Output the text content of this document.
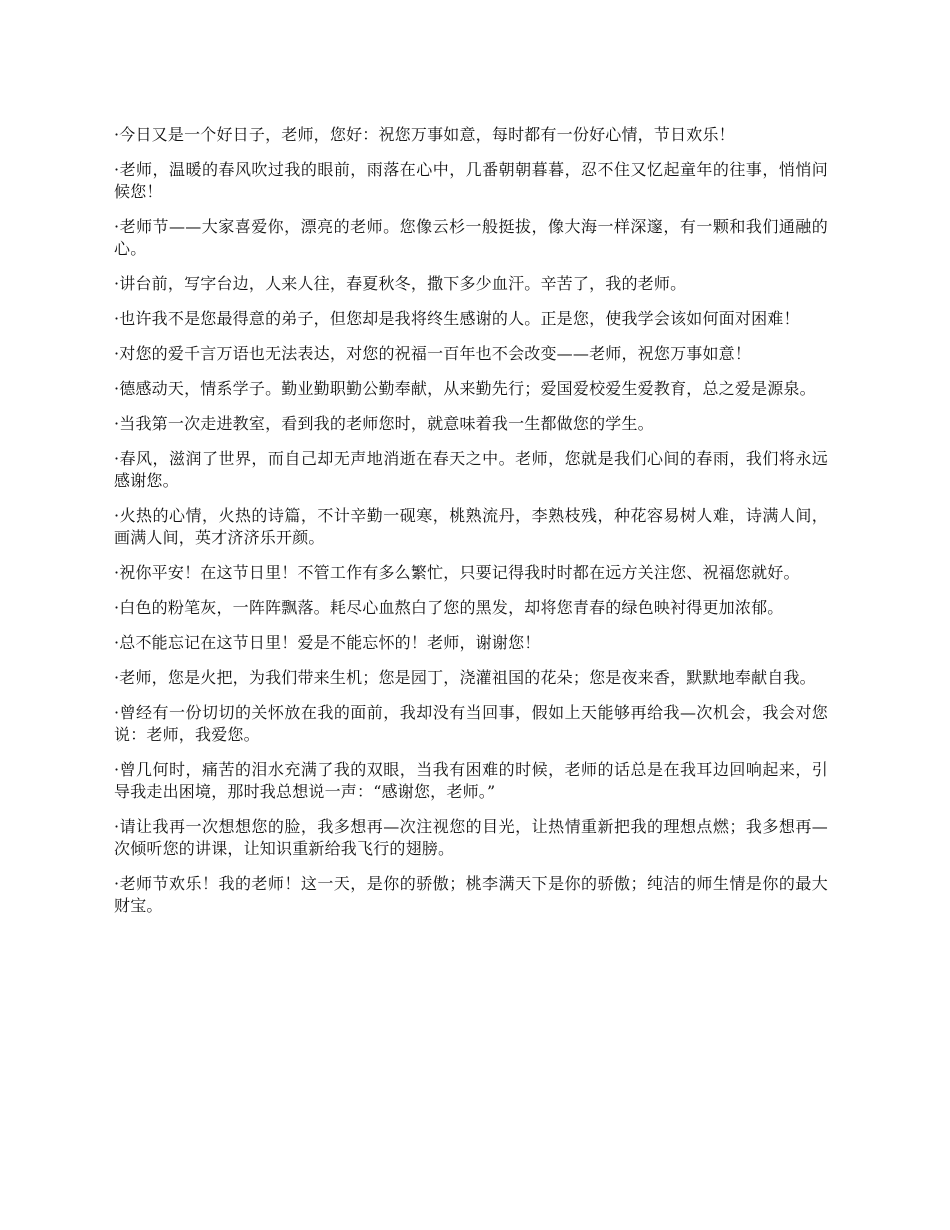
·今日又是一个好日子，老师，您好：祝您万事如意，每时都有一份好心情，节日欢乐！

·老师，温暖的春风吹过我的眼前，雨落在心中，几番朝朝暮暮，忍不住又忆起童年的往事，悄悄问候您！

·老师节——大家喜爱你，漂亮的老师。您像云杉一般挺拔，像大海一样深邃，有一颗和我们通融的心。

·讲台前，写字台边，人来人往，春夏秋冬，撒下多少血汗。辛苦了，我的老师。

·也许我不是您最得意的弟子，但您却是我将终生感谢的人。正是您，使我学会该如何面对困难！

·对您的爱千言万语也无法表达，对您的祝福一百年也不会改变——老师，祝您万事如意！

·德感动天，情系学子。勤业勤职勤公勤奉献，从来勤先行；爱国爱校爱生爱教育，总之爱是源泉。

·当我第一次走进教室，看到我的老师您时，就意味着我一生都做您的学生。

·春风，滋润了世界，而自己却无声地消逝在春天之中。老师，您就是我们心间的春雨，我们将永远感谢您。

·火热的心情，火热的诗篇，不计辛勤一砚寒，桃熟流丹，李熟枝残，种花容易树人难，诗满人间，画满人间，英才济济乐开颜。

·祝你平安！在这节日里！不管工作有多么繁忙，只要记得我时时都在远方关注您、祝福您就好。

·白色的粉笔灰，一阵阵飘落。耗尽心血熬白了您的黑发，却将您青春的绿色映衬得更加浓郁。

·总不能忘记在这节日里！爱是不能忘怀的！老师，谢谢您！

·老师，您是火把，为我们带来生机；您是园丁，浇灌祖国的花朵；您是夜来香，默默地奉献自我。

·曾经有一份切切的关怀放在我的面前，我却没有当回事，假如上天能够再给我—次机会，我会对您说：老师，我爱您。

·曾几何时，痛苦的泪水充满了我的双眼，当我有困难的时候，老师的话总是在我耳边回响起来，引导我走出困境，那时我总想说一声：“感谢您，老师。”

·请让我再一次想想您的脸，我多想再—次注视您的目光，让热情重新把我的理想点燃；我多想再—次倾听您的讲课，让知识重新给我飞行的翅膀。

·老师节欢乐！我的老师！这一天，是你的骄傲；桃李满天下是你的骄傲；纯洁的师生情是你的最大财宝。
